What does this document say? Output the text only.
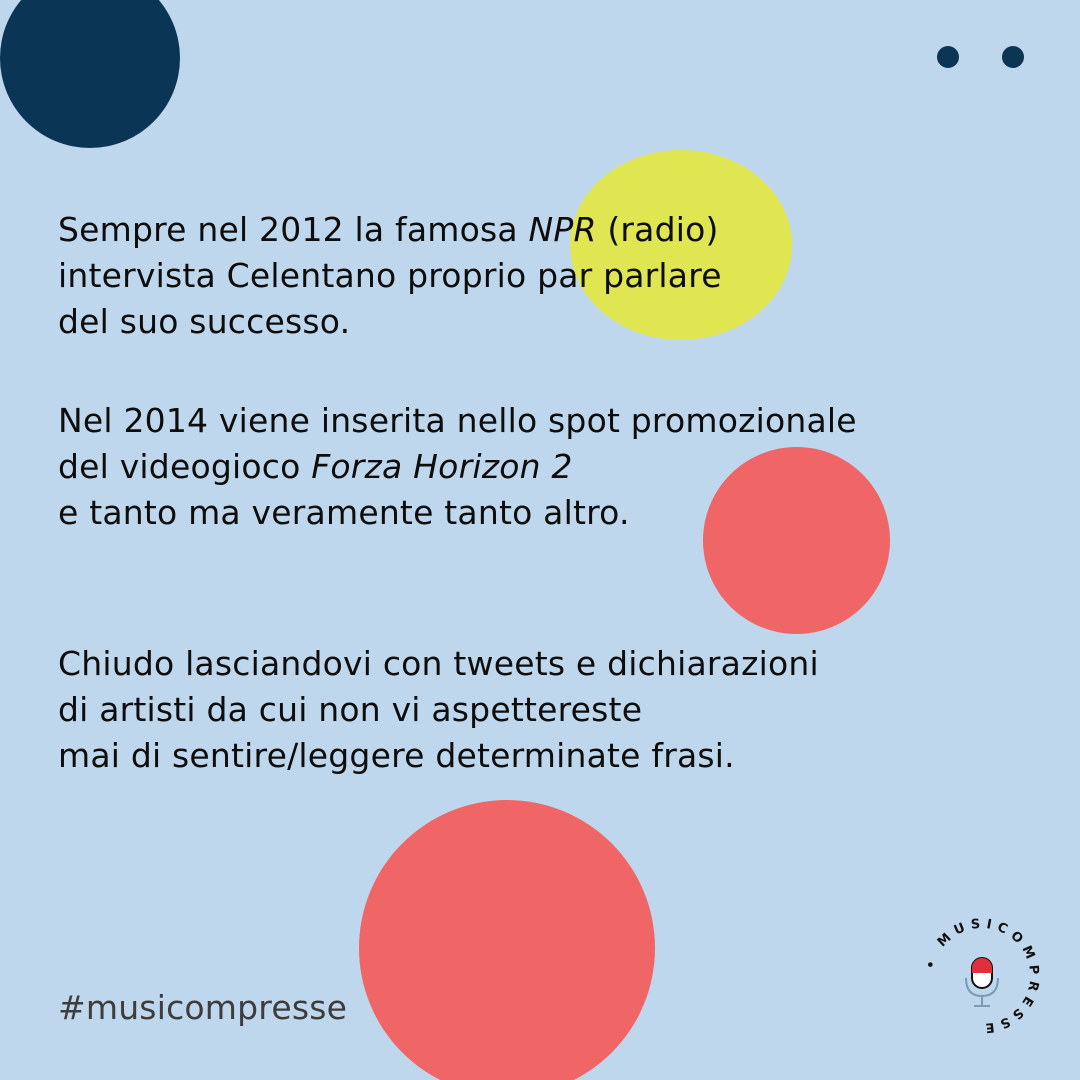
Sempre nel 2012 la famosa NPR (radio)
intervista Celentano proprio par parlare
del suo successo.
Nel 2014 viene inserita nello spot promozionale
del videogioco Forza Horizon 2
e tanto ma veramente tanto altro.
Chiudo lasciandovi con tweets e dichiarazioni
di artisti da cui non vi aspettereste
mai di sentire/leggere determinate frasi.
#musicompresse
• MUSICOMPRESSE
